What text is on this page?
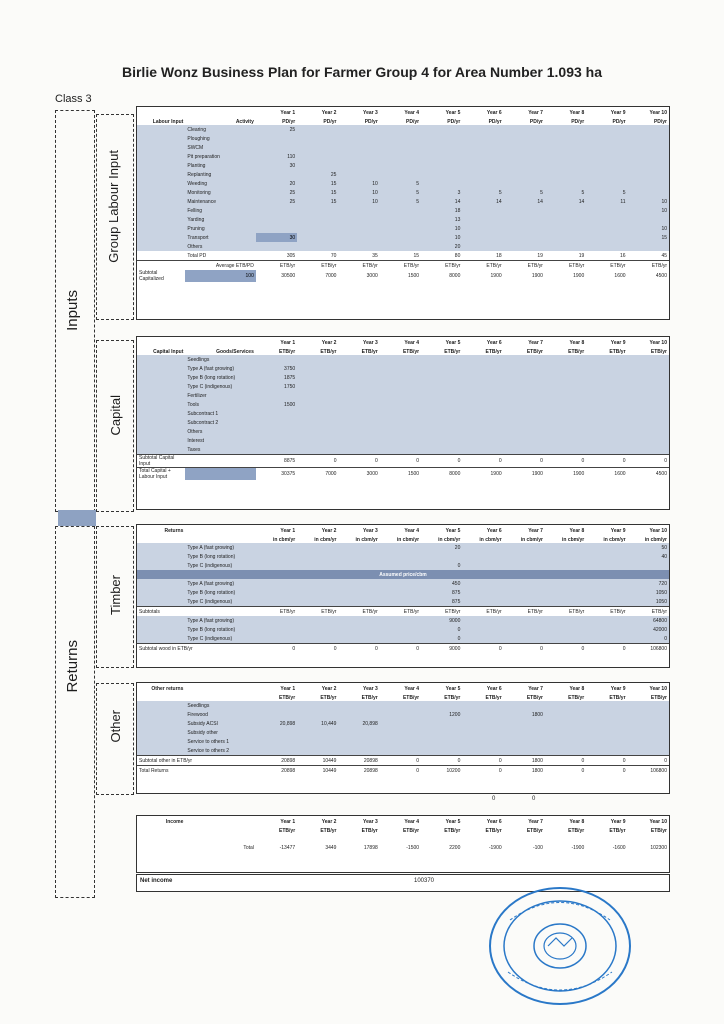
Birlie Wonz Business Plan for Farmer Group 4 for Area Number 1.093 ha
Class 3
Inputs
Returns
Group Labour Input
Capital
Timber
Other
		Year 1	Year 2	Year 3	Year 4	Year 5	Year 6	Year 7	Year 8	Year 9	Year 10
Labour Input	Activity	PD/yr	PD/yr	PD/yr	PD/yr	PD/yr	PD/yr	PD/yr	PD/yr	PD/yr	PD/yr
	Clearing	25									
	Ploughing										
	SWCM										
	Pit preparation	110									
	Planting	30									
	Replanting		25								
	Weeding	20	15	10	5						
	Monitoring	25	15	10	5	3	5	5	5	5	
	Maintenance	25	15	10	5	14	14	14	14	11	10
	Felling					18					10
	Yarding					13					
	Pruning					10					10
	Transport	30				10					15
	Others					20					
	Total PD	305	70	35	15	80	18	19	19	16	45
	Average ETB/PD	ETB/yr	ETB/yr	ETB/yr	ETB/yr	ETB/yr	ETB/yr	ETB/yr	ETB/yr	ETB/yr	ETB/yr
Subtotal Capitalized	100	30500	7000	3000	1500	8000	1900	1900	1900	1600	4500
		Year 1	Year 2	Year 3	Year 4	Year 5	Year 6	Year 7	Year 8	Year 9	Year 10
Capital Input	Goods/Services	ETB/yr	ETB/yr	ETB/yr	ETB/yr	ETB/yr	ETB/yr	ETB/yr	ETB/yr	ETB/yr	ETB/yr
	Seedlings										
	Type A (fast growing)	3750									
	Type B (long rotation)	1875									
	Type C (indigenous)	1750									
	Fertilizer										
	Tools	1500									
	Subcontract 1										
	Subcontract 2										
	Others										
	Interest										
	Taxes										
Subtotal Capital Input		8875	0	0	0	0	0	0	0	0	0
Total Capital + Labour Input		30375	7000	3000	1500	8000	1900	1900	1900	1600	4500
Returns		Year 1	Year 2	Year 3	Year 4	Year 5	Year 6	Year 7	Year 8	Year 9	Year 10
		in cbm/yr	in cbm/yr	in cbm/yr	in cbm/yr	in cbm/yr	in cbm/yr	in cbm/yr	in cbm/yr	in cbm/yr	in cbm/yr
	Type A (fast growing)					20					50
	Type B (long rotation)										40
	Type C (indigenous)					0					
Assumed price/cbm											
	Type A (fast growing)					450					720
	Type B (long rotation)					875					1050
	Type C (indigenous)					875					1050
Subtotals		ETB/yr	ETB/yr	ETB/yr	ETB/yr	ETB/yr	ETB/yr	ETB/yr	ETB/yr	ETB/yr	ETB/yr
	Type A (fast growing)					9000					64800
	Type B (long rotation)					0					42000
	Type C (indigenous)					0					0
Subtotal wood in ETB/yr		0	0	0	0	9000	0	0	0	0	106800
Other returns		Year 1	Year 2	Year 3	Year 4	Year 5	Year 6	Year 7	Year 8	Year 9	Year 10
		ETB/yr	ETB/yr	ETB/yr	ETB/yr	ETB/yr	ETB/yr	ETB/yr	ETB/yr	ETB/yr	ETB/yr
	Seedlings										
	Firewood					1200		1800			
	Subsidy ACSI	20,898	10,449	20,898							
	Subsidy other										
	Service to others 1										
	Service to others 2										
Subtotal other in ETB/yr		20898	10449	20898	0	0	0	1800	0	0	0
Total Returns		20898	10449	20898	0	10200	0	1800	0	0	106800
0	0
Income		Year 1	Year 2	Year 3	Year 4	Year 5	Year 6	Year 7	Year 8	Year 9	Year 10
		ETB/yr	ETB/yr	ETB/yr	ETB/yr	ETB/yr	ETB/yr	ETB/yr	ETB/yr	ETB/yr	ETB/yr

	Total	-13477	3449	17898	-1500	2200	-1900	-100	-1900	-1600	102300
Net income	100370
